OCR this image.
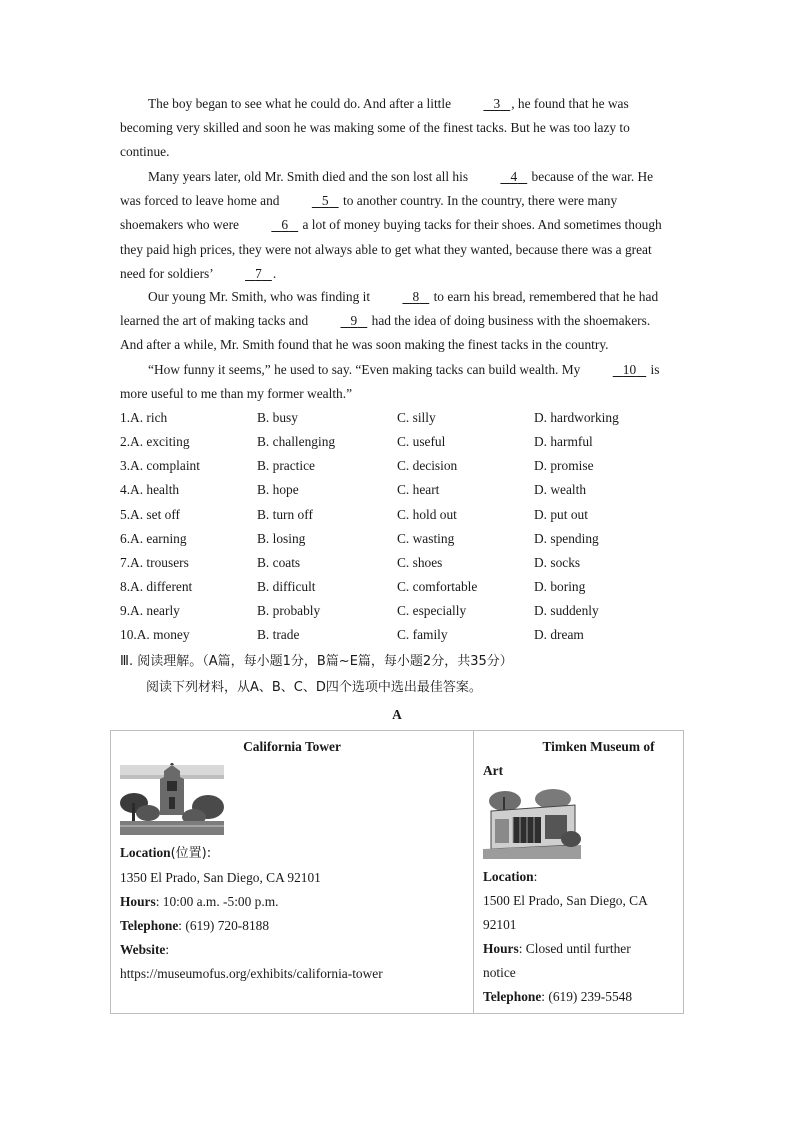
The boy began to see what he could do. And after a little	3 , he found that he was becoming very skilled and soon he was making some of the finest tacks. But he was too lazy to continue.
Many years later, old Mr. Smith died and the son lost all his	4    because of the war. He was forced to leave home and	5    to another country. In the country, there were many shoemakers who were	6    a lot of money buying tacks for their shoes. And sometimes though they paid high prices, they were not always able to get what they wanted, because there was a great need for soldiers’	7 .
Our young Mr. Smith, who was finding it	8    to earn his bread, remembered that he had learned the art of making tacks and	9    had the idea of doing business with the shoemakers. And after a while, Mr. Smith found that he was soon making the finest tacks in the country.
“How funny it seems,” he used to say. “Even making tacks can build wealth. My	10    is more useful to me than my former wealth.”
1.A. rich	B. busy	C. silly	D. hardworking
2.A. exciting	B. challenging	C. useful	D. harmful
3.A. complaint	B. practice	C. decision	D. promise
4.A. health	B. hope	C. heart	D. wealth
5.A. set off	B. turn off	C. hold out	D. put out
6.A. earning	B. losing	C. wasting	D. spending
7.A. trousers	B. coats	C. shoes	D. socks
8.A. different	B. difficult	C. comfortable	D. boring
9.A. nearly	B. probably	C. especially	D. suddenly
10.A. money	B. trade	C. family	D. dream
Ⅲ. 阅读理解。（A篇，每小题1分，B篇~E篇，每小题2分，共35分）
阅读下列材料，从A、B、C、D四个选项中选出最佳答案。
A
California Tower
Location(位置):
1350 El Prado, San Diego, CA 92101
Hours: 10:00 a.m. -5:00 p.m.
Telephone: (619) 720-8188
Website:
https://museumofus.org/exhibits/california-tower

Timken Museum of
Art
Location:
1500 El Prado, San Diego, CA
92101
Hours: Closed until further
notice
Telephone: (619) 239-5548
